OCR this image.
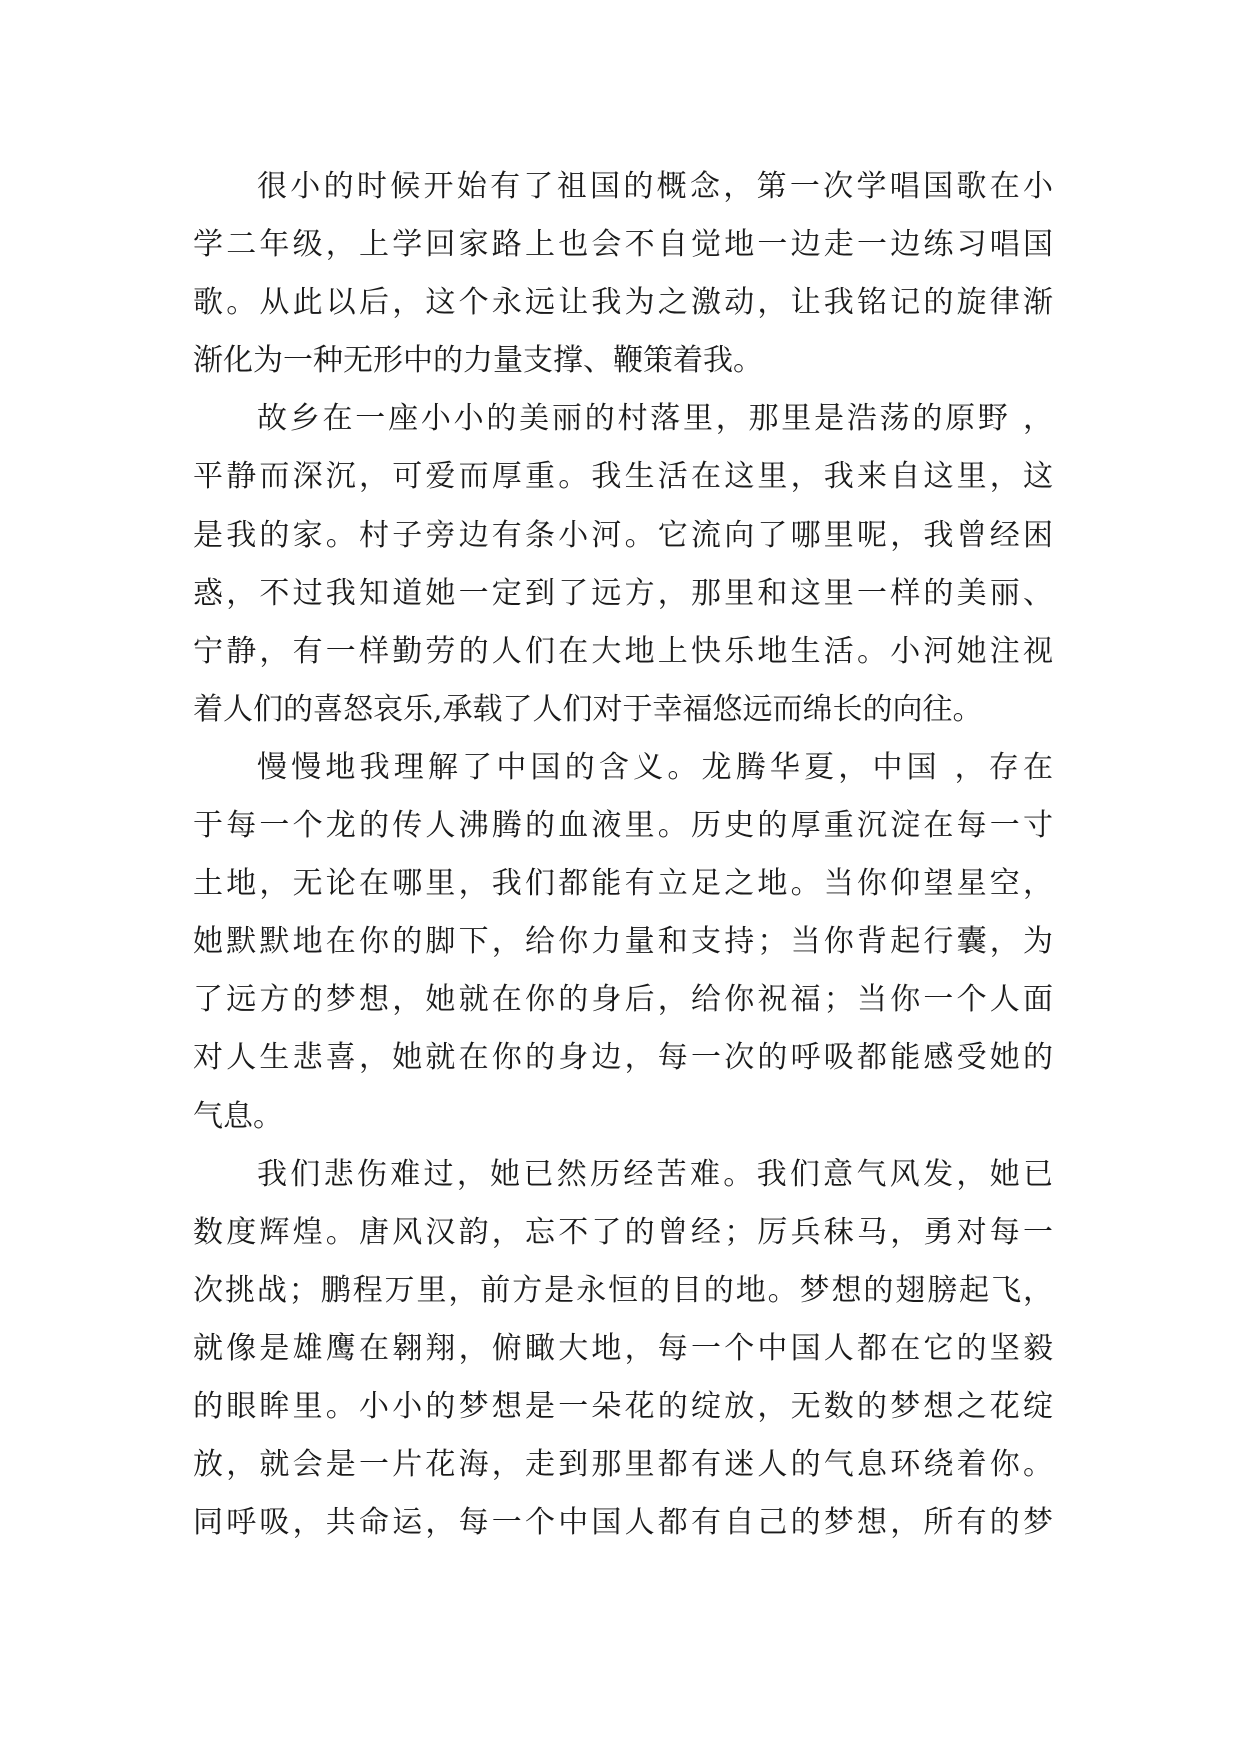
很小的时候开始有了祖国的概念，第一次学唱国歌在小
学二年级，上学回家路上也会不自觉地一边走一边练习唱国
歌。从此以后，这个永远让我为之激动，让我铭记的旋律渐
渐化为一种无形中的力量支撑、鞭策着我。

故乡在一座小小的美丽的村落里，那里是浩荡的原野 ，
平静而深沉，可爱而厚重。我生活在这里，我来自这里，这
是我的家。村子旁边有条小河。它流向了哪里呢，我曾经困
惑，不过我知道她一定到了远方，那里和这里一样的美丽、
宁静，有一样勤劳的人们在大地上快乐地生活。小河她注视
着人们的喜怒哀乐,承载了人们对于幸福悠远而绵长的向往。

慢慢地我理解了中国的含义。龙腾华夏，中国 ，存在
于每一个龙的传人沸腾的血液里。历史的厚重沉淀在每一寸
土地，无论在哪里，我们都能有立足之地。当你仰望星空，
她默默地在你的脚下，给你力量和支持；当你背起行囊，为
了远方的梦想，她就在你的身后，给你祝福；当你一个人面
对人生悲喜，她就在你的身边，每一次的呼吸都能感受她的
气息。

我们悲伤难过，她已然历经苦难。我们意气风发，她已
数度辉煌。唐风汉韵，忘不了的曾经；厉兵秣马，勇对每一
次挑战；鹏程万里，前方是永恒的目的地。梦想的翅膀起飞，
就像是雄鹰在翱翔，俯瞰大地，每一个中国人都在它的坚毅
的眼眸里。小小的梦想是一朵花的绽放，无数的梦想之花绽
放，就会是一片花海，走到那里都有迷人的气息环绕着你。
同呼吸，共命运，每一个中国人都有自己的梦想，所有的梦
